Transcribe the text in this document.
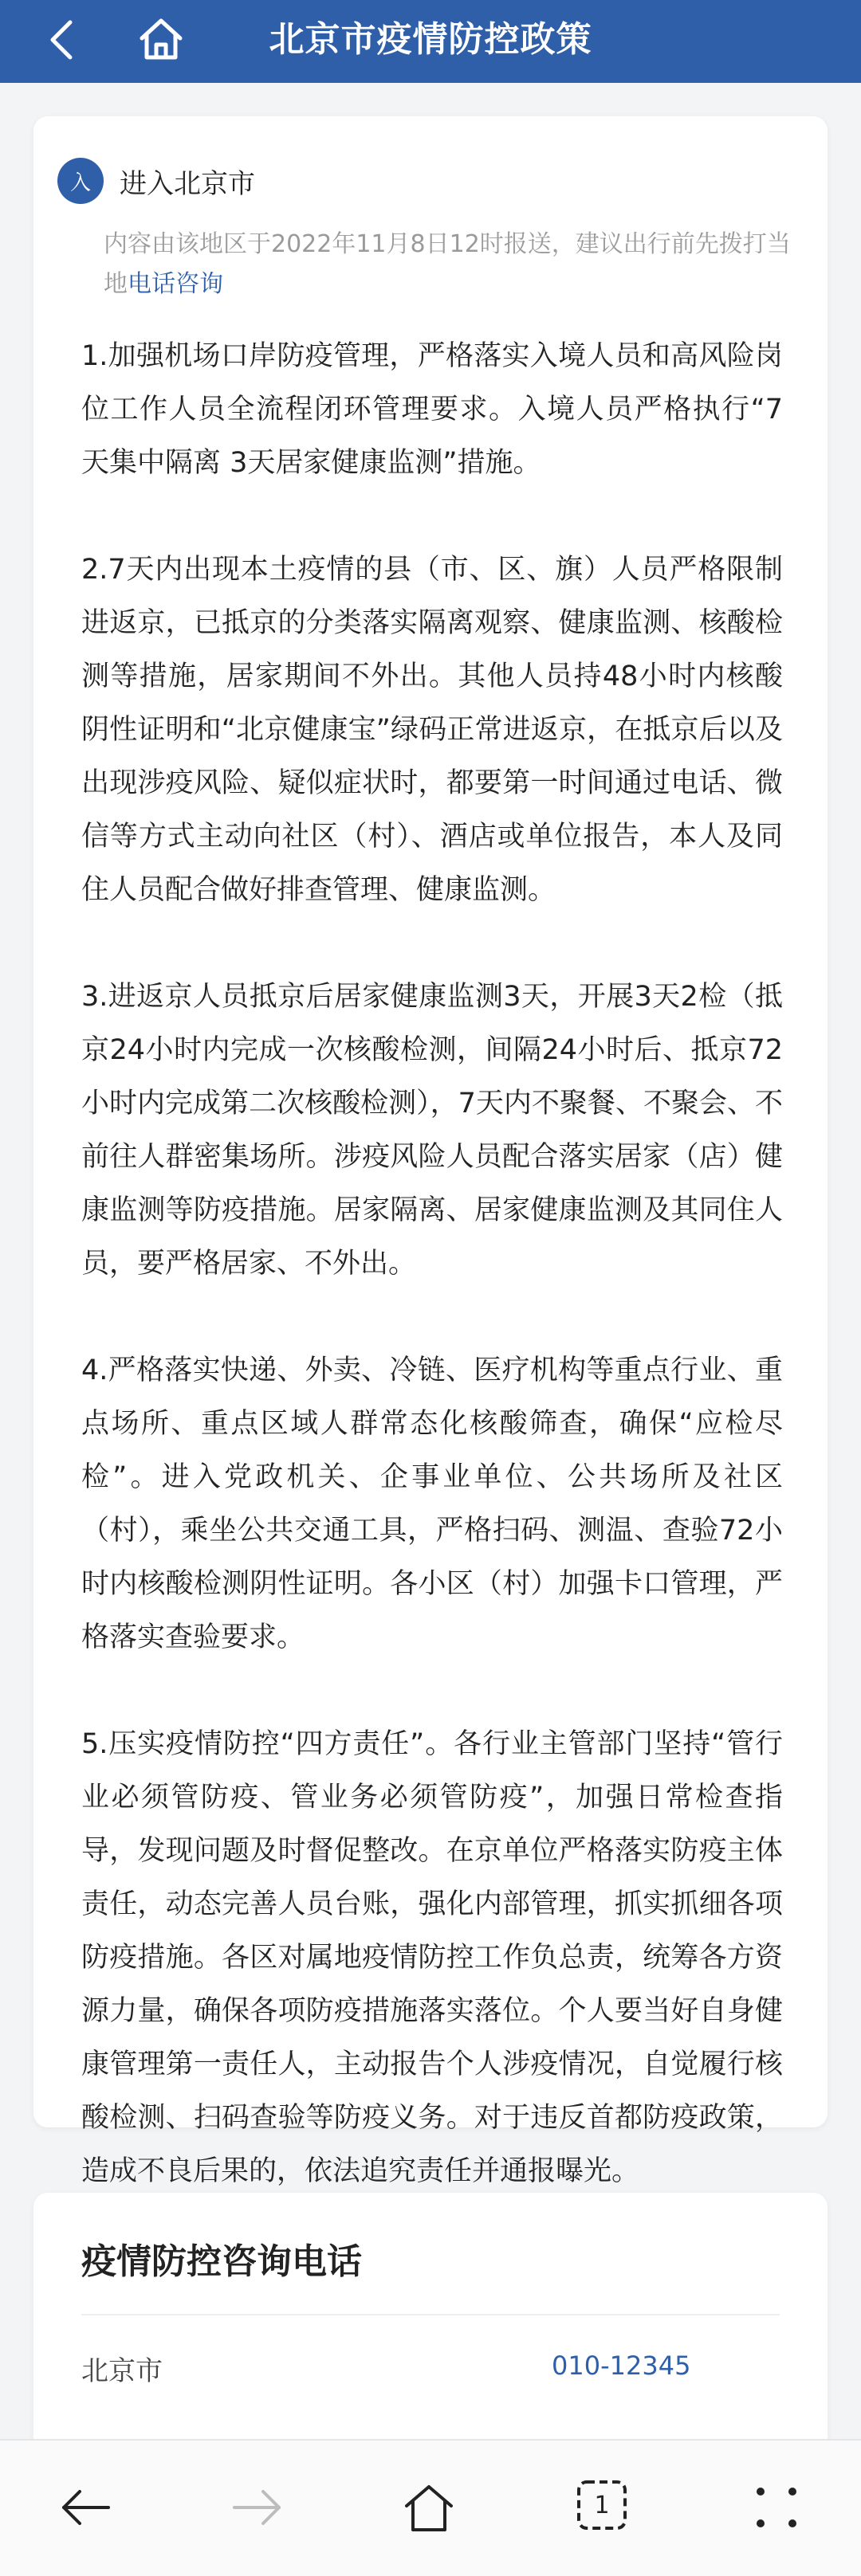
北京市疫情防控政策
入	进入北京市
内容由该地区于2022年11月8日12时报送，建议出行前先拨打当地电话咨询

1.加强机场口岸防疫管理，严格落实入境人员和高风险岗位工作人员全流程闭环管理要求。入境人员严格执行“7天集中隔离 3天居家健康监测”措施。

2.7天内出现本土疫情的县（市、区、旗）人员严格限制进返京，已抵京的分类落实隔离观察、健康监测、核酸检测等措施，居家期间不外出。其他人员持48小时内核酸阴性证明和“北京健康宝”绿码正常进返京，在抵京后以及出现涉疫风险、疑似症状时，都要第一时间通过电话、微信等方式主动向社区（村）、酒店或单位报告，本人及同住人员配合做好排查管理、健康监测。

3.进返京人员抵京后居家健康监测3天，开展3天2检（抵京24小时内完成一次核酸检测，间隔24小时后、抵京72小时内完成第二次核酸检测），7天内不聚餐、不聚会、不前往人群密集场所。涉疫风险人员配合落实居家（店）健康监测等防疫措施。居家隔离、居家健康监测及其同住人员，要严格居家、不外出。

4.严格落实快递、外卖、冷链、医疗机构等重点行业、重点场所、重点区域人群常态化核酸筛查，确保“应检尽检”。进入党政机关、企事业单位、公共场所及社区（村），乘坐公共交通工具，严格扫码、测温、查验72小时内核酸检测阴性证明。各小区（村）加强卡口管理，严格落实查验要求。

5.压实疫情防控“四方责任”。各行业主管部门坚持“管行业必须管防疫、管业务必须管防疫”，加强日常检查指导，发现问题及时督促整改。在京单位严格落实防疫主体责任，动态完善人员台账，强化内部管理，抓实抓细各项防疫措施。各区对属地疫情防控工作负总责，统筹各方资源力量，确保各项防疫措施落实落位。个人要当好自身健康管理第一责任人，主动报告个人涉疫情况，自觉履行核酸检测、扫码查验等防疫义务。对于违反首都防疫政策，造成不良后果的，依法追究责任并通报曝光。

疫情防控咨询电话
北京市	010-12345
1
